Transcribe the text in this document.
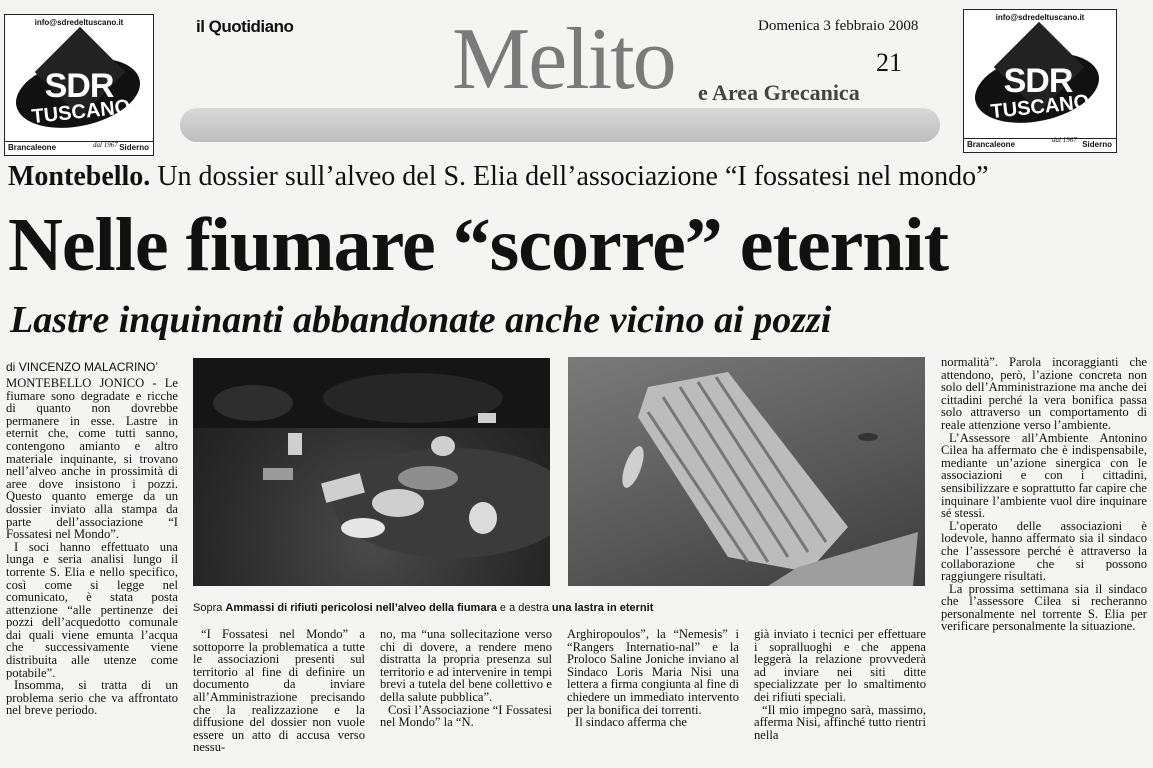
info@sdredeltuscano.it
SDR
TUSCANO
dal 1967
Brancaleone	Siderno
info@sdredeltuscano.it
SDR
TUSCANO
dal 1967
Brancaleone	Siderno
il Quotidiano Melito e Area Grecanica
Domenica 3 febbraio 2008
21
Montebello. Un dossier sull’alveo del S. Elia dell’associazione “I fossatesi nel mondo”
Nelle fiumare “scorre” eternit
Lastre inquinanti abbandonate anche vicino ai pozzi
di VINCENZO MALACRINO’
Sopra Ammassi di rifiuti pericolosi nell’alveo della fiumara e a destra una lastra in eternit

MONTEBELLO JONICO - Le fiumare sono degradate e ricche di quanto non dovrebbe permanere in esse. Lastre in eternit che, come tutti sanno, contengono amianto e altro materiale inquinante, si trovano nell’alveo anche in prossimità di aree dove insistono i pozzi. Questo quanto emerge da un dossier inviato alla stampa da parte dell’associazione “I Fossatesi nel Mondo”.

I soci hanno effettuato una lunga e seria analisi lungo il torrente S. Elia e nello specifico, così come si legge nel comunicato, è stata posta attenzione “alle pertinenze dei pozzi dell’acquedotto comunale dai quali viene emunta l’acqua che successivamente viene distribuita alle utenze come potabile”.

Insomma, si tratta di un problema serio che va affrontato nel breve periodo.

“I Fossatesi nel Mondo” a sottoporre la problematica a tutte le associazioni presenti sul territorio al fine di definire un documento da inviare all’Amministrazione precisando che la realizzazione e la diffusione del dossier non vuole essere un atto di accusa verso nessu-

no, ma “una sollecitazione verso chi di dovere, a rendere meno distratta la propria presenza sul territorio e ad intervenire in tempi brevi a tutela del bene collettivo e della salute pubblica”.

Così l’Associazione “I Fossatesi nel Mondo” la “N.

Arghiropoulos”, la “Nemesis” i “Rangers Internatio-nal” e la Proloco Saline Joniche inviano al Sindaco Loris Maria Nisi una lettera a firma congiunta al fine di chiedere un immediato intervento per la bonifica dei torrenti.

Il sindaco afferma che

già inviato i tecnici per effettuare i sopralluoghi e che appena leggerà la relazione provvederà ad inviare nei siti ditte specializzate per lo smaltimento dei rifiuti speciali.

“Il mio impegno sarà, massimo, afferma Nisi, affinché tutto rientri nella

normalità”. Parola incoraggianti che attendono, però, l’azione concreta non solo dell’Amministrazione ma anche dei cittadini perché la vera bonifica passa solo attraverso un comportamento di reale attenzione verso l’ambiente.

L’Assessore all’Ambiente Antonino Cilea ha affermato che è indispensabile, mediante un’azione sinergica con le associazioni e con i cittadini, sensibilizzare e soprattutto far capire che inquinare l’ambiente vuol dire inquinare sé stessi.

L’operato delle associazioni è lodevole, hanno affermato sia il sindaco che l’assessore perché è attraverso la collaborazione che si possono raggiungere risultati.

La prossima settimana sia il sindaco che l’assessore Cilea si recheranno personalmente nel torrente S. Elia per verificare personalmente la situazione.
